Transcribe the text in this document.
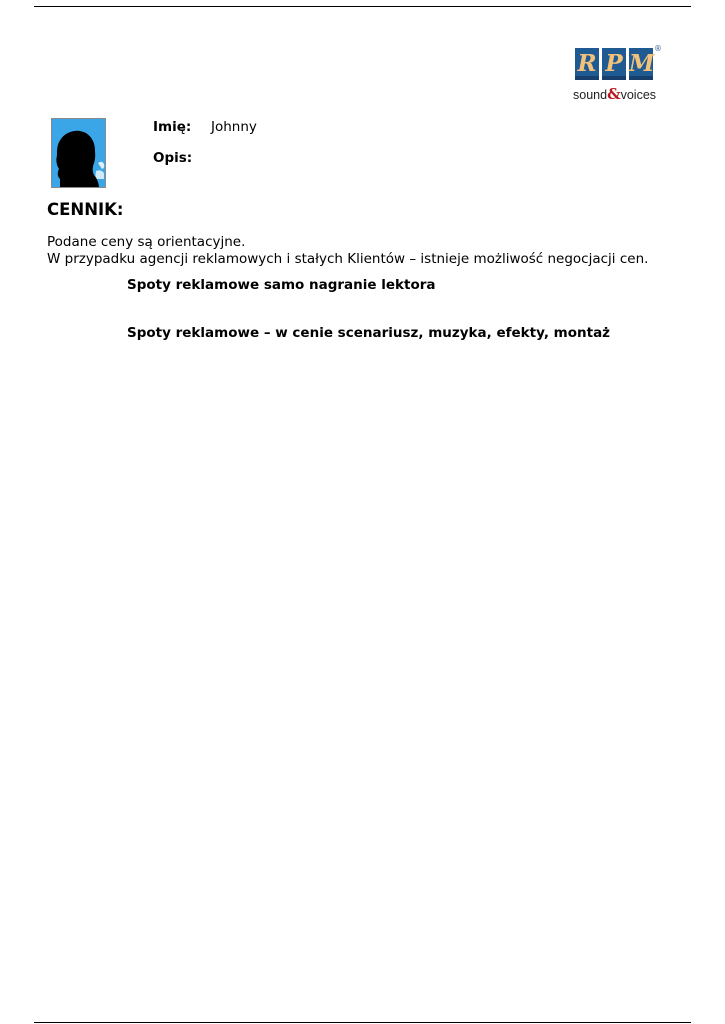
R P M
®
sound&voices
Imię: Johnny
Opis:
CENNIK:
Podane ceny są orientacyjne.
W przypadku agencji reklamowych i stałych Klientów – istnieje możliwość negocjacji cen.
Spoty reklamowe samo nagranie lektora
Spoty reklamowe – w cenie scenariusz, muzyka, efekty, montaż
